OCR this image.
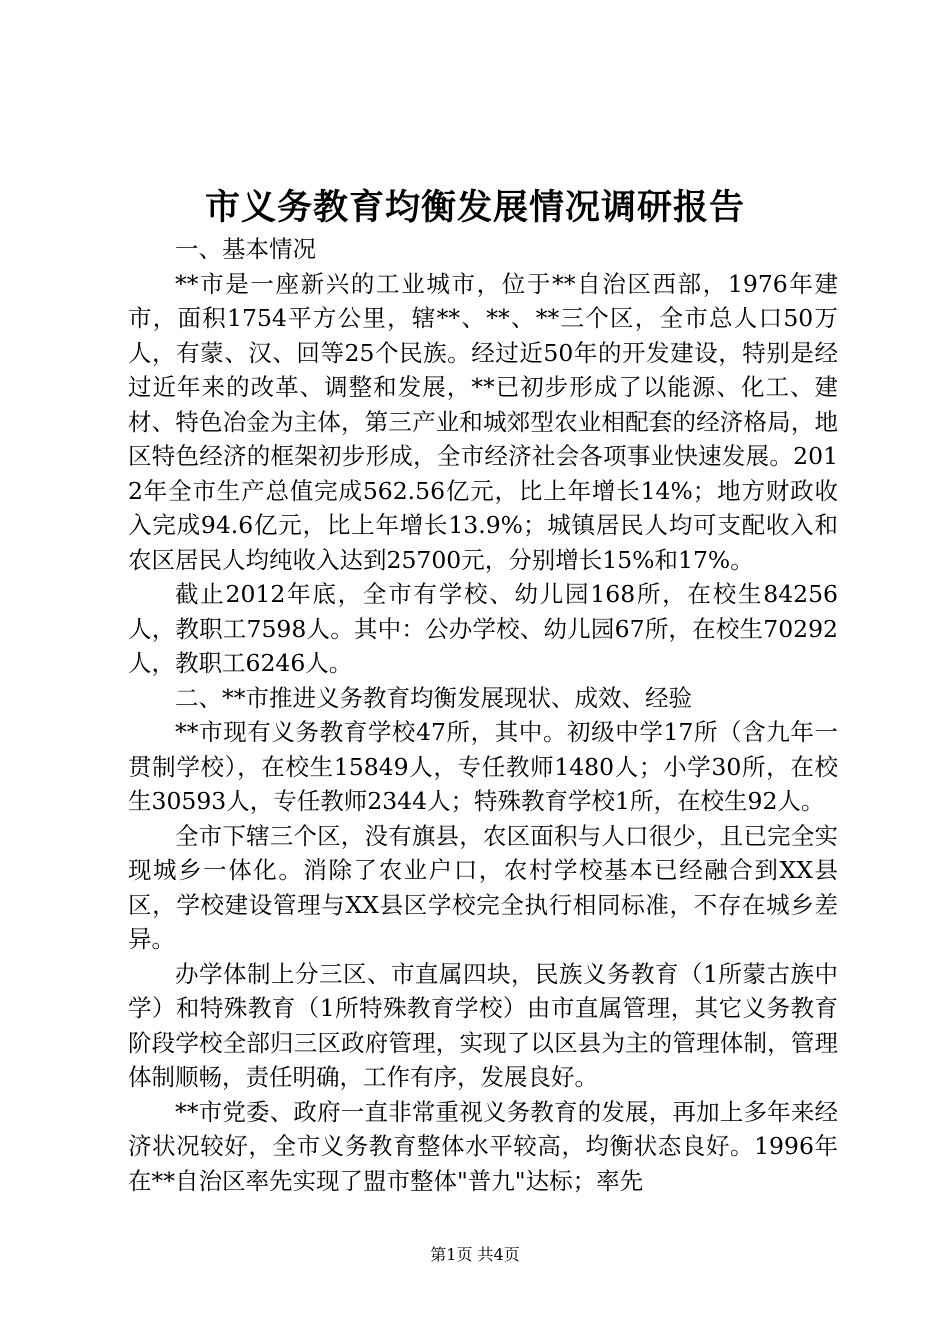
市义务教育均衡发展情况调研报告

一、基本情况

**市是一座新兴的工业城市，位于**自治区西部，1976年建市，面积1754平方公里，辖**、**、**三个区，全市总人口50万人，有蒙、汉、回等25个民族。经过近50年的开发建设，特别是经过近年来的改革、调整和发展，**已初步形成了以能源、化工、建材、特色冶金为主体，第三产业和城郊型农业相配套的经济格局，地区特色经济的框架初步形成，全市经济社会各项事业快速发展。2012年全市生产总值完成562.56亿元，比上年增长14%；地方财政收入完成94.6亿元，比上年增长13.9%；城镇居民人均可支配收入和农区居民人均纯收入达到25700元，分别增长15%和17%。

截止2012年底，全市有学校、幼儿园168所，在校生84256人，教职工7598人。其中：公办学校、幼儿园67所，在校生70292人，教职工6246人。

二、**市推进义务教育均衡发展现状、成效、经验

**市现有义务教育学校47所，其中。初级中学17所（含九年一贯制学校），在校生15849人，专任教师1480人；小学30所，在校生30593人，专任教师2344人；特殊教育学校1所，在校生92人。

全市下辖三个区，没有旗县，农区面积与人口很少，且已完全实现城乡一体化。消除了农业户口，农村学校基本已经融合到XX县区，学校建设管理与XX县区学校完全执行相同标准，不存在城乡差异。

办学体制上分三区、市直属四块，民族义务教育（1所蒙古族中学）和特殊教育（1所特殊教育学校）由市直属管理，其它义务教育阶段学校全部归三区政府管理，实现了以区县为主的管理体制，管理体制顺畅，责任明确，工作有序，发展良好。

**市党委、政府一直非常重视义务教育的发展，再加上多年来经济状况较好，全市义务教育整体水平较高，均衡状态良好。1996年在**自治区率先实现了盟市整体"普九"达标；率先

第1页 共4页
